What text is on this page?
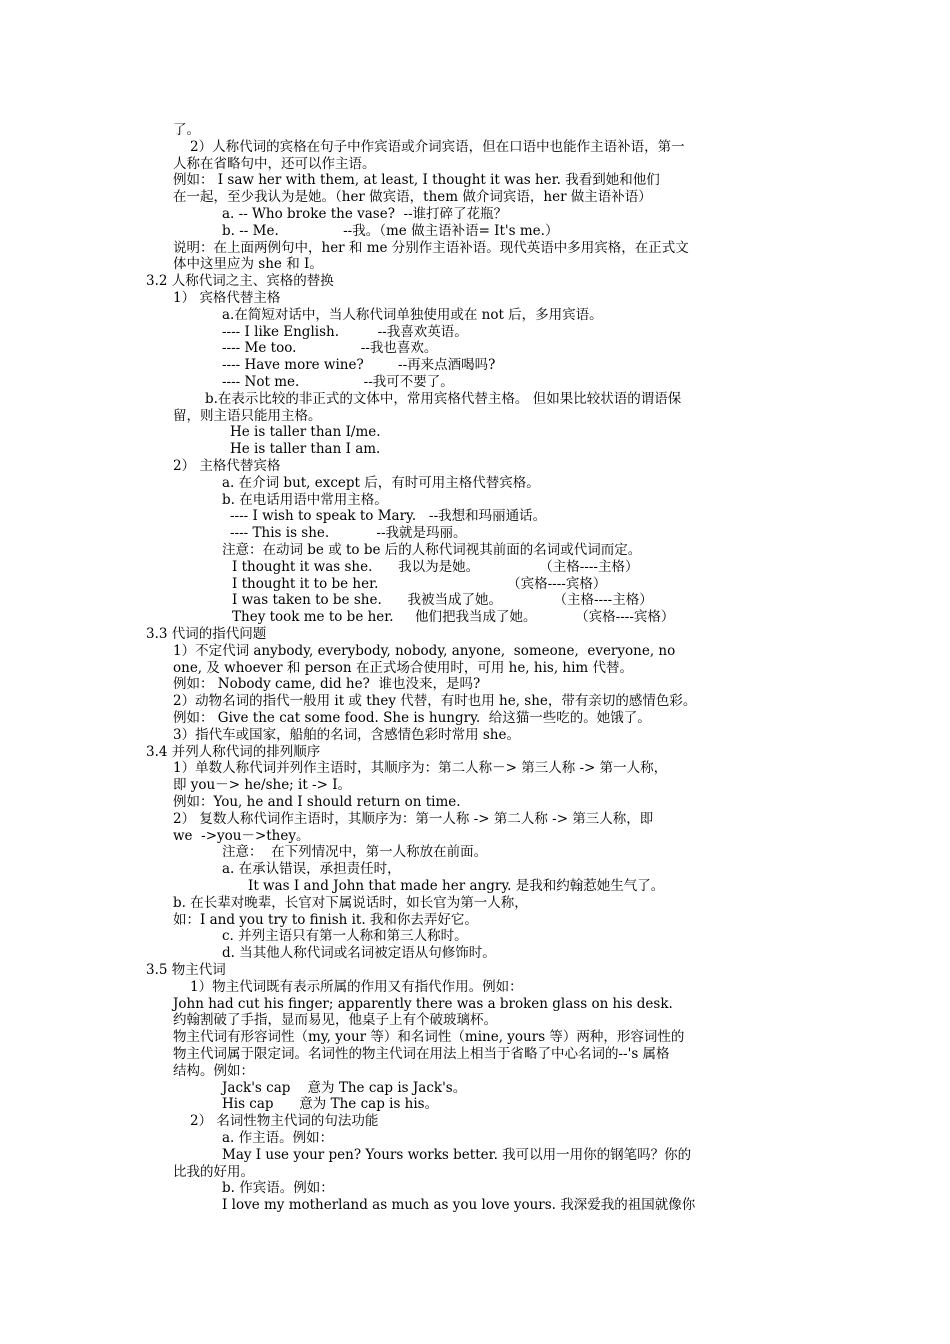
了。
2）人称代词的宾格在句子中作宾语或介词宾语，但在口语中也能作主语补语，第一
人称在省略句中，还可以作主语。
例如： I saw her with them, at least, I thought it was her. 我看到她和他们
在一起，至少我认为是她。（her 做宾语，them 做介词宾语，her 做主语补语）
a. -- Who broke the vase?  --谁打碎了花瓶？
b. -- Me.               --我。（me 做主语补语= It's me.）
说明：在上面两例句中，her 和 me 分别作主语补语。现代英语中多用宾格，在正式文
体中这里应为 she 和 I。
3.2 人称代词之主、宾格的替换
1） 宾格代替主格
a.在简短对话中，当人称代词单独使用或在 not 后，多用宾语。
---- I like English.         --我喜欢英语。
---- Me too.               --我也喜欢。
---- Have more wine?        --再来点酒喝吗?
---- Not me.               --我可不要了。
b.在表示比较的非正式的文体中，常用宾格代替主格。 但如果比较状语的谓语保
留，则主语只能用主格。
He is taller than I/me.
He is taller than I am.
2） 主格代替宾格
a. 在介词 but, except 后，有时可用主格代替宾格。
b. 在电话用语中常用主格。
---- I wish to speak to Mary.   --我想和玛丽通话。
---- This is she.           --我就是玛丽。
注意：在动词 be 或 to be 后的人称代词视其前面的名词或代词而定。
I thought it was she.      我以为是她。              （主格----主格）
I thought it to be her.                              （宾格----宾格）
I was taken to be she.      我被当成了她。            （主格----主格）
They took me to be her.     他们把我当成了她。         （宾格----宾格）
3.3 代词的指代问题
1）不定代词 anybody, everybody, nobody, anyone,  someone,  everyone, no
one, 及 whoever 和 person 在正式场合使用时，可用 he, his, him 代替。
例如： Nobody came, did he?  谁也没来，是吗?
2）动物名词的指代一般用 it 或 they 代替，有时也用 he, she，带有亲切的感情色彩。
例如： Give the cat some food. She is hungry.  给这猫一些吃的。她饿了。
3）指代车或国家，船舶的名词，含感情色彩时常用 she。
3.4 并列人称代词的排列顺序
1）单数人称代词并列作主语时，其顺序为：第二人称－> 第三人称 -> 第一人称，
即 you－> he/she; it -> I。
例如：You, he and I should return on time.
2） 复数人称代词作主语时，其顺序为：第一人称 -> 第二人称 -> 第三人称，即
we  ->you－>they。
注意：  在下列情况中，第一人称放在前面。
a. 在承认错误，承担责任时，
It was I and John that made her angry. 是我和约翰惹她生气了。
b. 在长辈对晚辈，长官对下属说话时，如长官为第一人称，
如：I and you try to finish it. 我和你去弄好它。
c. 并列主语只有第一人称和第三人称时。
d. 当其他人称代词或名词被定语从句修饰时。
3.5 物主代词
1）物主代词既有表示所属的作用又有指代作用。例如：
John had cut his finger; apparently there was a broken glass on his desk.
约翰割破了手指，显而易见，他桌子上有个破玻璃杯。
物主代词有形容词性（my, your 等）和名词性（mine, yours 等）两种，形容词性的
物主代词属于限定词。名词性的物主代词在用法上相当于省略了中心名词的--'s 属格
结构。例如：
Jack's cap    意为 The cap is Jack's。
His cap      意为 The cap is his。
2） 名词性物主代词的句法功能
a. 作主语。例如：
May I use your pen? Yours works better. 我可以用一用你的钢笔吗？你的
比我的好用。
b. 作宾语。例如：
I love my motherland as much as you love yours. 我深爱我的祖国就像你
